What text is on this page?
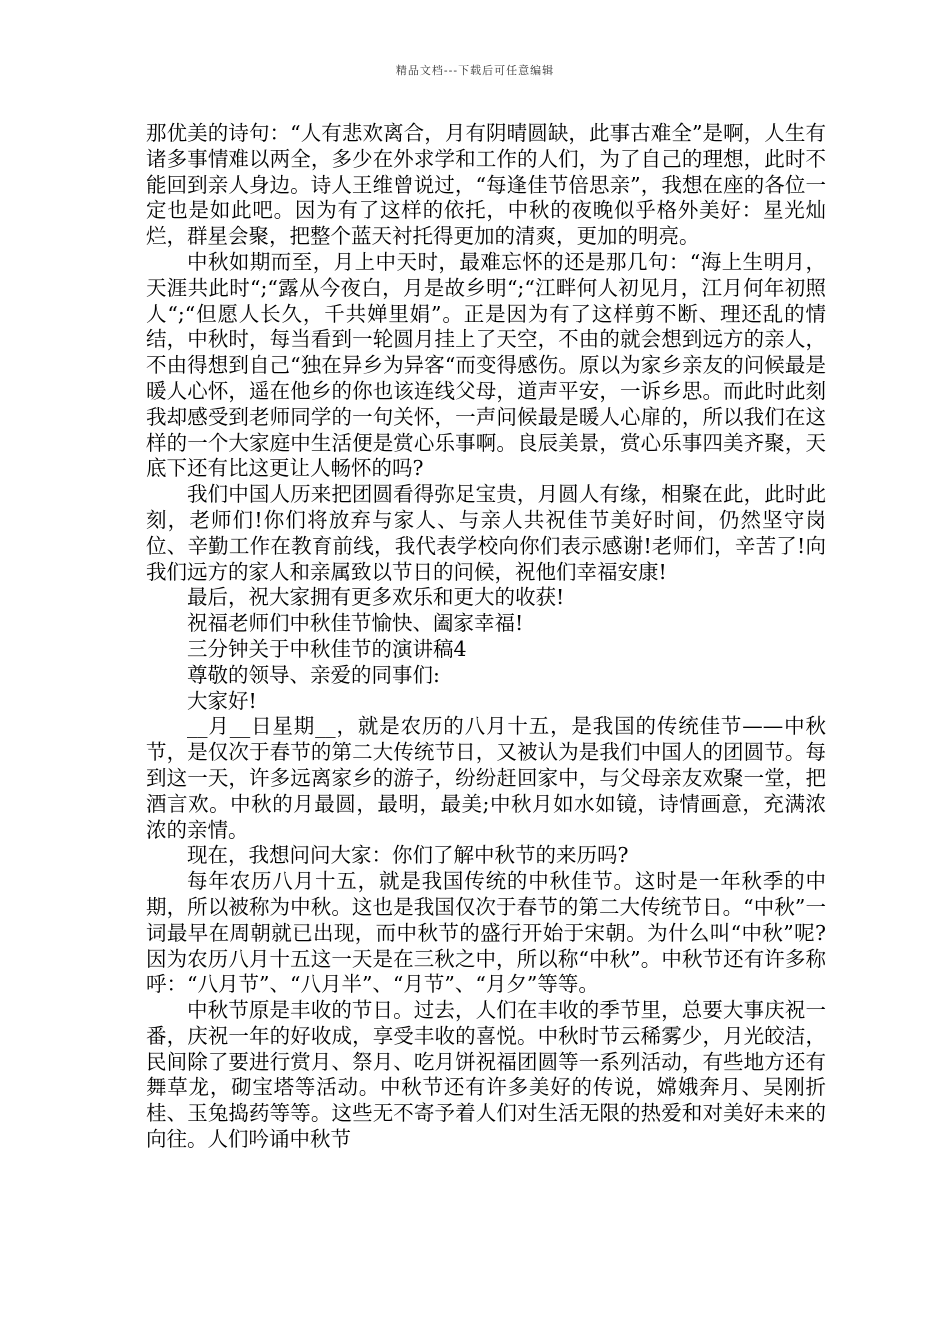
精品文档---下载后可任意编辑

那优美的诗句：“人有悲欢离合，月有阴晴圆缺，此事古难全”是啊，人生有诸多事情难以两全，多少在外求学和工作的人们，为了自己的理想，此时不能回到亲人身边。诗人王维曾说过，“每逢佳节倍思亲”，我想在座的各位一定也是如此吧。因为有了这样的依托，中秋的夜晚似乎格外美好：星光灿烂，群星会聚，把整个蓝天衬托得更加的清爽，更加的明亮。

中秋如期而至，月上中天时，最难忘怀的还是那几句：“海上生明月，天涯共此时“;“露从今夜白，月是故乡明“;“江畔何人初见月，江月何年初照人“;“但愿人长久，千共婵里娟”。正是因为有了这样剪不断、理还乱的情结，中秋时，每当看到一轮圆月挂上了天空，不由的就会想到远方的亲人，不由得想到自己“独在异乡为异客“而变得感伤。原以为家乡亲友的问候最是暖人心怀，遥在他乡的你也该连线父母，道声平安，一诉乡思。而此时此刻我却感受到老师同学的一句关怀，一声问候最是暖人心扉的，所以我们在这样的一个大家庭中生活便是赏心乐事啊。良辰美景，赏心乐事四美齐聚，天底下还有比这更让人畅怀的吗?

我们中国人历来把团圆看得弥足宝贵，月圆人有缘，相聚在此，此时此刻，老师们!你们将放弃与家人、与亲人共祝佳节美好时间，仍然坚守岗位、辛勤工作在教育前线，我代表学校向你们表示感谢!老师们，辛苦了!向我们远方的家人和亲属致以节日的问候，祝他们幸福安康!

最后，祝大家拥有更多欢乐和更大的收获!

祝福老师们中秋佳节愉快、阖家幸福!

三分钟关于中秋佳节的演讲稿4

尊敬的领导、亲爱的同事们:

大家好!

__月__日星期__，就是农历的八月十五，是我国的传统佳节——中秋节，是仅次于春节的第二大传统节日，又被认为是我们中国人的团圆节。每到这一天，许多远离家乡的游子，纷纷赶回家中，与父母亲友欢聚一堂，把酒言欢。中秋的月最圆，最明，最美;中秋月如水如镜，诗情画意，充满浓浓的亲情。

现在，我想问问大家：你们了解中秋节的来历吗?

每年农历八月十五，就是我国传统的中秋佳节。这时是一年秋季的中期，所以被称为中秋。这也是我国仅次于春节的第二大传统节日。“中秋”一词最早在周朝就已出现，而中秋节的盛行开始于宋朝。为什么叫“中秋”呢?因为农历八月十五这一天是在三秋之中，所以称“中秋”。中秋节还有许多称呼：“八月节”、“八月半”、“月节”、“月夕”等等。

中秋节原是丰收的节日。过去，人们在丰收的季节里，总要大事庆祝一番，庆祝一年的好收成，享受丰收的喜悦。中秋时节云稀雾少，月光皎洁，民间除了要进行赏月、祭月、吃月饼祝福团圆等一系列活动，有些地方还有舞草龙，砌宝塔等活动。中秋节还有许多美好的传说，嫦娥奔月、吴刚折桂、玉兔捣药等等。这些无不寄予着人们对生活无限的热爱和对美好未来的向往。人们吟诵中秋节
